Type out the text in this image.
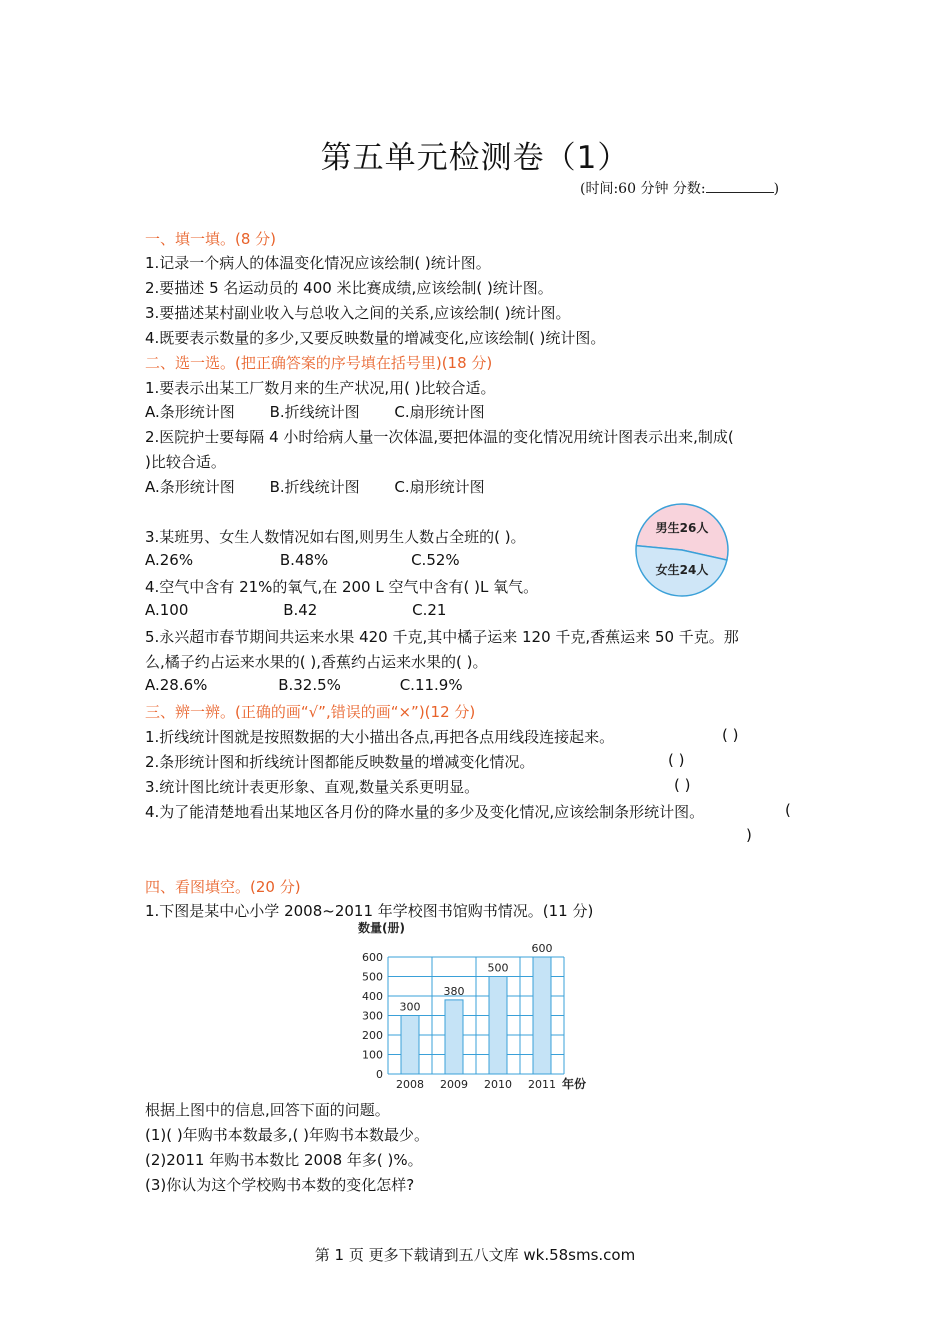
第五单元检测卷（1）
(时间:60 分钟 分数:	)
一、填一填。(8 分)
1.记录一个病人的体温变化情况应该绘制( )统计图。
2.要描述 5 名运动员的 400 米比赛成绩,应该绘制( )统计图。
3.要描述某村副业收入与总收入之间的关系,应该绘制( )统计图。
4.既要表示数量的多少,又要反映数量的增减变化,应该绘制( )统计图。
二、选一选。(把正确答案的序号填在括号里)(18 分)
1.要表示出某工厂数月来的生产状况,用( )比较合适。
A.条形统计图 B.折线统计图 C.扇形统计图
2.医院护士要每隔 4 小时给病人量一次体温,要把体温的变化情况用统计图表示出来,制成(
)比较合适。
A.条形统计图 B.折线统计图 C.扇形统计图
男生26人
女生24人
3.某班男、女生人数情况如右图,则男生人数占全班的( )。
A.26%	B.48%	C.52%
4.空气中含有 21%的氧气,在 200 L 空气中含有( )L 氧气。
A.100	B.42	C.21
5.永兴超市春节期间共运来水果 420 千克,其中橘子运来 120 千克,香蕉运来 50 千克。那
么,橘子约占运来水果的( ),香蕉约占运来水果的( )。
A.28.6%	B.32.5%	C.11.9%
三、辨一辨。(正确的画“√”,错误的画“×”)(12 分)
1.折线统计图就是按照数据的大小描出各点,再把各点用线段连接起来。	( )
2.条形统计图和折线统计图都能反映数量的增减变化情况。	( )
3.统计图比统计表更形象、直观,数量关系更明显。	( )
4.为了能清楚地看出某地区各月份的降水量的多少及变化情况,应该绘制条形统计图。	(
)
四、看图填空。(20 分)
1.下图是某中心小学 2008~2011 年学校图书馆购书情况。(11 分)
数量(册)
年份
0
100
200
300
400
500
600
300
2008
380
2009
500
2010
600
2011
根据上图中的信息,回答下面的问题。
(1)( )年购书本数最多,( )年购书本数最少。
(2)2011 年购书本数比 2008 年多( )%。
(3)你认为这个学校购书本数的变化怎样?
第 1 页 更多下载请到五八文库 wk.58sms.com
